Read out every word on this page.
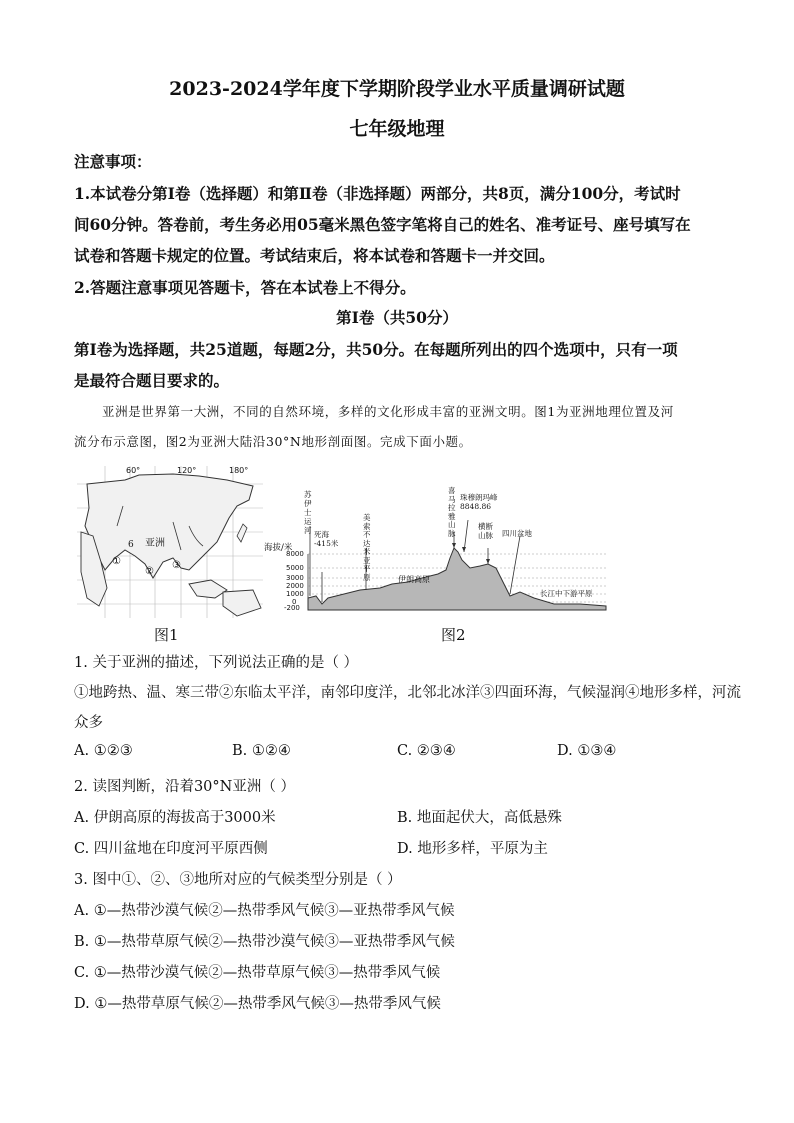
2023-2024学年度下学期阶段学业水平质量调研试题
七年级地理
注意事项：
1.本试卷分第Ⅰ卷（选择题）和第Ⅱ卷（非选择题）两部分，共8页，满分100分，考试时
间60分钟。答卷前，考生务必用05毫米黑色签字笔将自己的姓名、准考证号、座号填写在
试卷和答题卡规定的位置。考试结束后，将本试卷和答题卡一并交回。
2.答题注意事项见答题卡，答在本试卷上不得分。
第Ⅰ卷（共50分）
第Ⅰ卷为选择题，共25道题，每题2分，共50分。在每题所列出的四个选项中，只有一项
是最符合题目要求的。
亚洲是世界第一大洲，不同的自然环境，多样的文化形成丰富的亚洲文明。图1为亚洲地理位置及河
流分布示意图，图2为亚洲大陆沿30°N地形剖面图。完成下面小题。
60°	120°	180°
亚洲
6
①
②
③
图1
海拔/米
8000
5000
3000
2000
1000
0
-200
苏伊士运河 死海 -415米
美索不达米亚平原	伊朗高原
喜马拉雅山脉
珠穆朗玛峰 8848.86
横断山脉	四川盆地
长江中下游平原
图2
1. 关于亚洲的描述，下列说法正确的是（ ）
①地跨热、温、寒三带②东临太平洋，南邻印度洋，北邻北冰洋③四面环海，气候湿润④地形多样，河流
众多
A. ①②③	B. ①②④	C. ②③④	D. ①③④
2. 读图判断，沿着30°N亚洲（ ）
A. 伊朗高原的海拔高于3000米	B. 地面起伏大，高低悬殊
C. 四川盆地在印度河平原西侧	D. 地形多样，平原为主
3. 图中①、②、③地所对应的气候类型分别是（ ）
A. ①—热带沙漠气候②—热带季风气候③—亚热带季风气候
B. ①—热带草原气候②—热带沙漠气候③—亚热带季风气候
C. ①—热带沙漠气候②—热带草原气候③—热带季风气候
D. ①—热带草原气候②—热带季风气候③—热带季风气候
